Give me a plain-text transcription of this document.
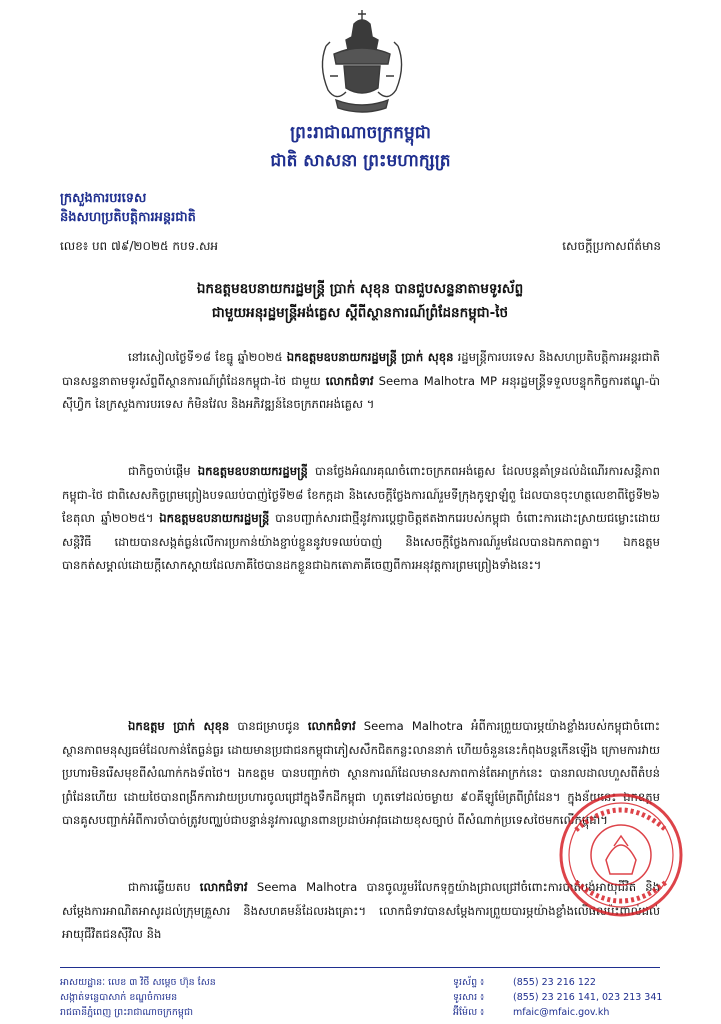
ព្រះរាជាណាចក្រកម្ពុជា
ជាតិ សាសនា ព្រះមហាក្សត្រ
ក្រសួងការបរទេស
និងសហប្រតិបត្តិការអន្តរជាតិ
លេខ៖ បព ៧៩/២០២៥ កបទ.សអ	សេចក្តីប្រកាសព័ត៌មាន
ឯកឧត្តមឧបនាយករដ្ឋមន្ត្រី ប្រាក់ សុខុន បានជួបសន្ទនាតាមទូរស័ព្ទ
ជាមួយអនុរដ្ឋមន្ត្រីអង់គ្លេស ស្តីពីស្ថានការណ៍ព្រំដែនកម្ពុជា-ថៃ

នៅរសៀលថ្ងៃទី១៨ ខែធ្នូ ឆ្នាំ២០២៥ ឯកឧត្តមឧបនាយករដ្ឋមន្ត្រី ប្រាក់ សុខុន រដ្ឋមន្ត្រីការបរទេស និងសហប្រតិបត្តិការអន្តរជាតិ បានសន្ទនាតាមទូរស័ព្ទពីស្ថានការណ៍ព្រំដែនកម្ពុជា-ថៃ ជាមួយ លោកជំទាវ Seema Malhotra MP អនុរដ្ឋមន្ត្រីទទួលបន្ទុកកិច្ចការឥណ្ឌូ-ប៉ាស៊ីហ្វិក នៃក្រសួងការបរទេស កំមិនវែល និងអភិវឌ្ឍន៍នៃចក្រភពអង់គ្លេស ។

ជាកិច្ចចាប់ផ្តើម ឯកឧត្តមឧបនាយករដ្ឋមន្ត្រី បានថ្លែងអំណរគុណចំពោះចក្រភពអង់គ្លេស ដែលបន្តគាំទ្រដល់ដំណើរការសន្តិភាពកម្ពុជា-ថៃ ជាពិសេសកិច្ចព្រមព្រៀងបទឈប់បាញ់ថ្ងៃទី២៨ ខែកក្កដា និងសេចក្តីថ្លែងការណ៍រួមទីក្រុងកូឡាឡំពួ ដែលបានចុះហត្ថលេខាពីថ្ងៃទី២៦ ខែតុលា ឆ្នាំ២០២៥។ ឯកឧត្តមឧបនាយករដ្ឋមន្ត្រី បានបញ្ជាក់សារជាថ្មីនូវការប្តេជ្ញាចិត្តឥតងាករេរបស់កម្ពុជា ចំពោះការដោះស្រាយជម្លោះដោយសន្តិវិធី ដោយបានសង្កត់ធ្ងន់លើការប្រកាន់យ៉ាងខ្ជាប់ខ្ជួននូវបទឈប់បាញ់ និងសេចក្តីថ្លែងការណ៍រួមដែលបានឯកភាពគ្នា។ ឯកឧត្តមបានកត់សម្គាល់ដោយក្តីសោកស្តាយដែលភាគីថៃបានដកខ្លួនជាឯកតោភាគីចេញពីការអនុវត្តការព្រមព្រៀងទាំងនេះ។

ឯកឧត្តម ប្រាក់ សុខុន បានជម្រាបជូន លោកជំទាវ Seema Malhotra អំពីការព្រួយបារម្ភយ៉ាងខ្លាំងរបស់កម្ពុជាចំពោះស្ថានភាពមនុស្សធម៌ដែលកាន់តែធ្ងន់ធ្ងរ ដោយមានប្រជាជនកម្ពុជាភៀសសឹកជិតកន្លះលាននាក់ ហើយចំនួននេះកំពុងបន្តកើនឡើង ក្រោមការវាយប្រហារមិនរើសមុខពីសំណាក់កងទ័ពថៃ។ ឯកឧត្តម បានបញ្ជាក់ថា ស្ថានការណ៍ដែលមានសភាពកាន់តែអាក្រក់នេះ បានរាលដាលហួសពីតំបន់ព្រំដែនហើយ ដោយថៃបានពង្រីកការវាយប្រហារចូលជ្រៅក្នុងទឹកដីកម្ពុជា ហូតទៅដល់ចម្ងាយ ៩០គីឡូម៉ែត្រពីព្រំដែន។ ក្នុងន័យនេះ ឯកឧត្តមបានគូសបញ្ជាក់អំពីការចាំបាច់ត្រូវបញ្ឈប់ជាបន្ទាន់នូវការឈ្លានពានប្រដាប់អាវុធដោយខុសច្បាប់ ពីសំណាក់ប្រទេសថៃមកលើកម្ពុជា។

ជាការឆ្លើយតប លោកជំទាវ Seema Malhotra បានចូលរួមរំលែកទុក្ខយ៉ាងជ្រាលជ្រៅចំពោះការបាត់បង់អាយុជីវិត និងសម្តែងការអាណិតអាសូរដល់ក្រុមគ្រួសារ និងសហគមន៍ដែលរងគ្រោះ។ លោកជំទាវបានសម្តែងការព្រួយបារម្ភយ៉ាងខ្លាំងលើផលប៉ះពាល់ដល់អាយុជីវិតជនស៊ីវិល និង

អាសយដ្ឋានៈ លេខ ៣ វិថី សម្តេច ហ៊ុន សែន
សង្កាត់ទន្លេបាសាក់ ខណ្ឌចំការមន
រាជធានីភ្នំពេញ ព្រះរាជាណាចក្រកម្ពុជា
ទូរស័ព្ទ ៖	(855) 23 216 122
ទូរសារ ៖	(855) 23 216 141, 023 213 341
អ៊ីម៉ែល ៖	mfaic@mfaic.gov.kh
